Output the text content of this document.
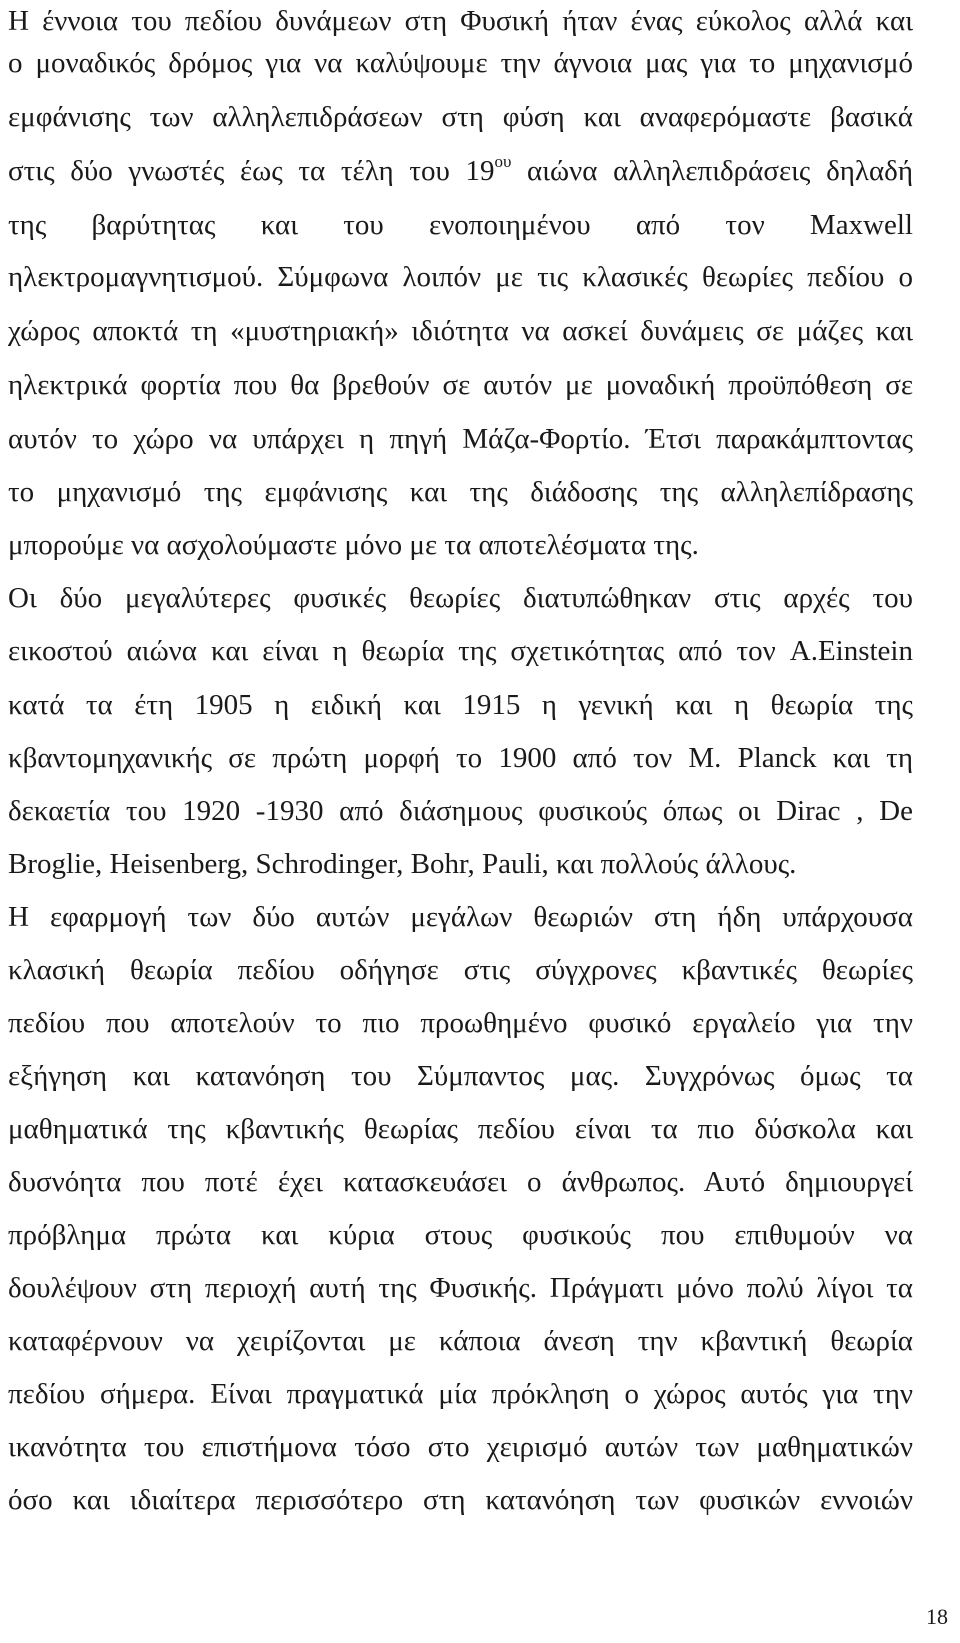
Η έννοια του πεδίου δυνάμεων στη Φυσική ήταν ένας εύκολος αλλά και
ο μοναδικός δρόμος για να καλύψουμε την άγνοια μας για το μηχανισμό
εμφάνισης των αλληλεπιδράσεων στη φύση και αναφερόμαστε βασικά
στις δύο γνωστές έως τα τέλη του $19^{o\upsilon}$ αιώνα αλληλεπιδράσεις δηλαδή
της βαρύτητας και του ενοποιημένου από τον Maxwell
ηλεκτρομαγνητισμού. Σύμφωνα λοιπόν με τις κλασικές θεωρίες πεδίου ο
χώρος αποκτά τη «μυστηριακή» ιδιότητα να ασκεί δυνάμεις σε μάζες και
ηλεκτρικά φορτία που θα βρεθούν σε αυτόν με μοναδική προϋπόθεση σε
αυτόν το χώρο να υπάρχει η πηγή Μάζα-Φορτίο. Έτσι παρακάμπτοντας
το μηχανισμό της εμφάνισης και της διάδοσης της αλληλεπίδρασης
μπορούμε να ασχολούμαστε μόνο με τα αποτελέσματα της.
Οι δύο μεγαλύτερες φυσικές θεωρίες διατυπώθηκαν στις αρχές του
εικοστού αιώνα και είναι η θεωρία της σχετικότητας από τον A.Einstein
κατά τα έτη 1905 η ειδική και 1915 η γενική και η θεωρία της
κβαντομηχανικής σε πρώτη μορφή το 1900 από τον M. Planck και τη
δεκαετία του 1920 -1930 από διάσημους φυσικούς όπως οι Dirac , De
Broglie, Heisenberg, Schrodinger, Bohr, Pauli, και πολλούς άλλους.
Η εφαρμογή των δύο αυτών μεγάλων θεωριών στη ήδη υπάρχουσα
κλασική θεωρία πεδίου οδήγησε στις σύγχρονες κβαντικές θεωρίες
πεδίου που αποτελούν το πιο προωθημένο φυσικό εργαλείο για την
εξήγηση και κατανόηση του Σύμπαντος μας. Συγχρόνως όμως τα
μαθηματικά της κβαντικής θεωρίας πεδίου είναι τα πιο δύσκολα και
δυσνόητα που ποτέ έχει κατασκευάσει ο άνθρωπος. Αυτό δημιουργεί
πρόβλημα πρώτα και κύρια στους φυσικούς που επιθυμούν να
δουλέψουν στη περιοχή αυτή της Φυσικής. Πράγματι μόνο πολύ λίγοι τα
καταφέρνουν να χειρίζονται με κάποια άνεση την κβαντική θεωρία
πεδίου σήμερα. Είναι πραγματικά μία πρόκληση ο χώρος αυτός για την
ικανότητα του επιστήμονα τόσο στο χειρισμό αυτών των μαθηματικών
όσο και ιδιαίτερα περισσότερο στη κατανόηση των φυσικών εννοιών
18
